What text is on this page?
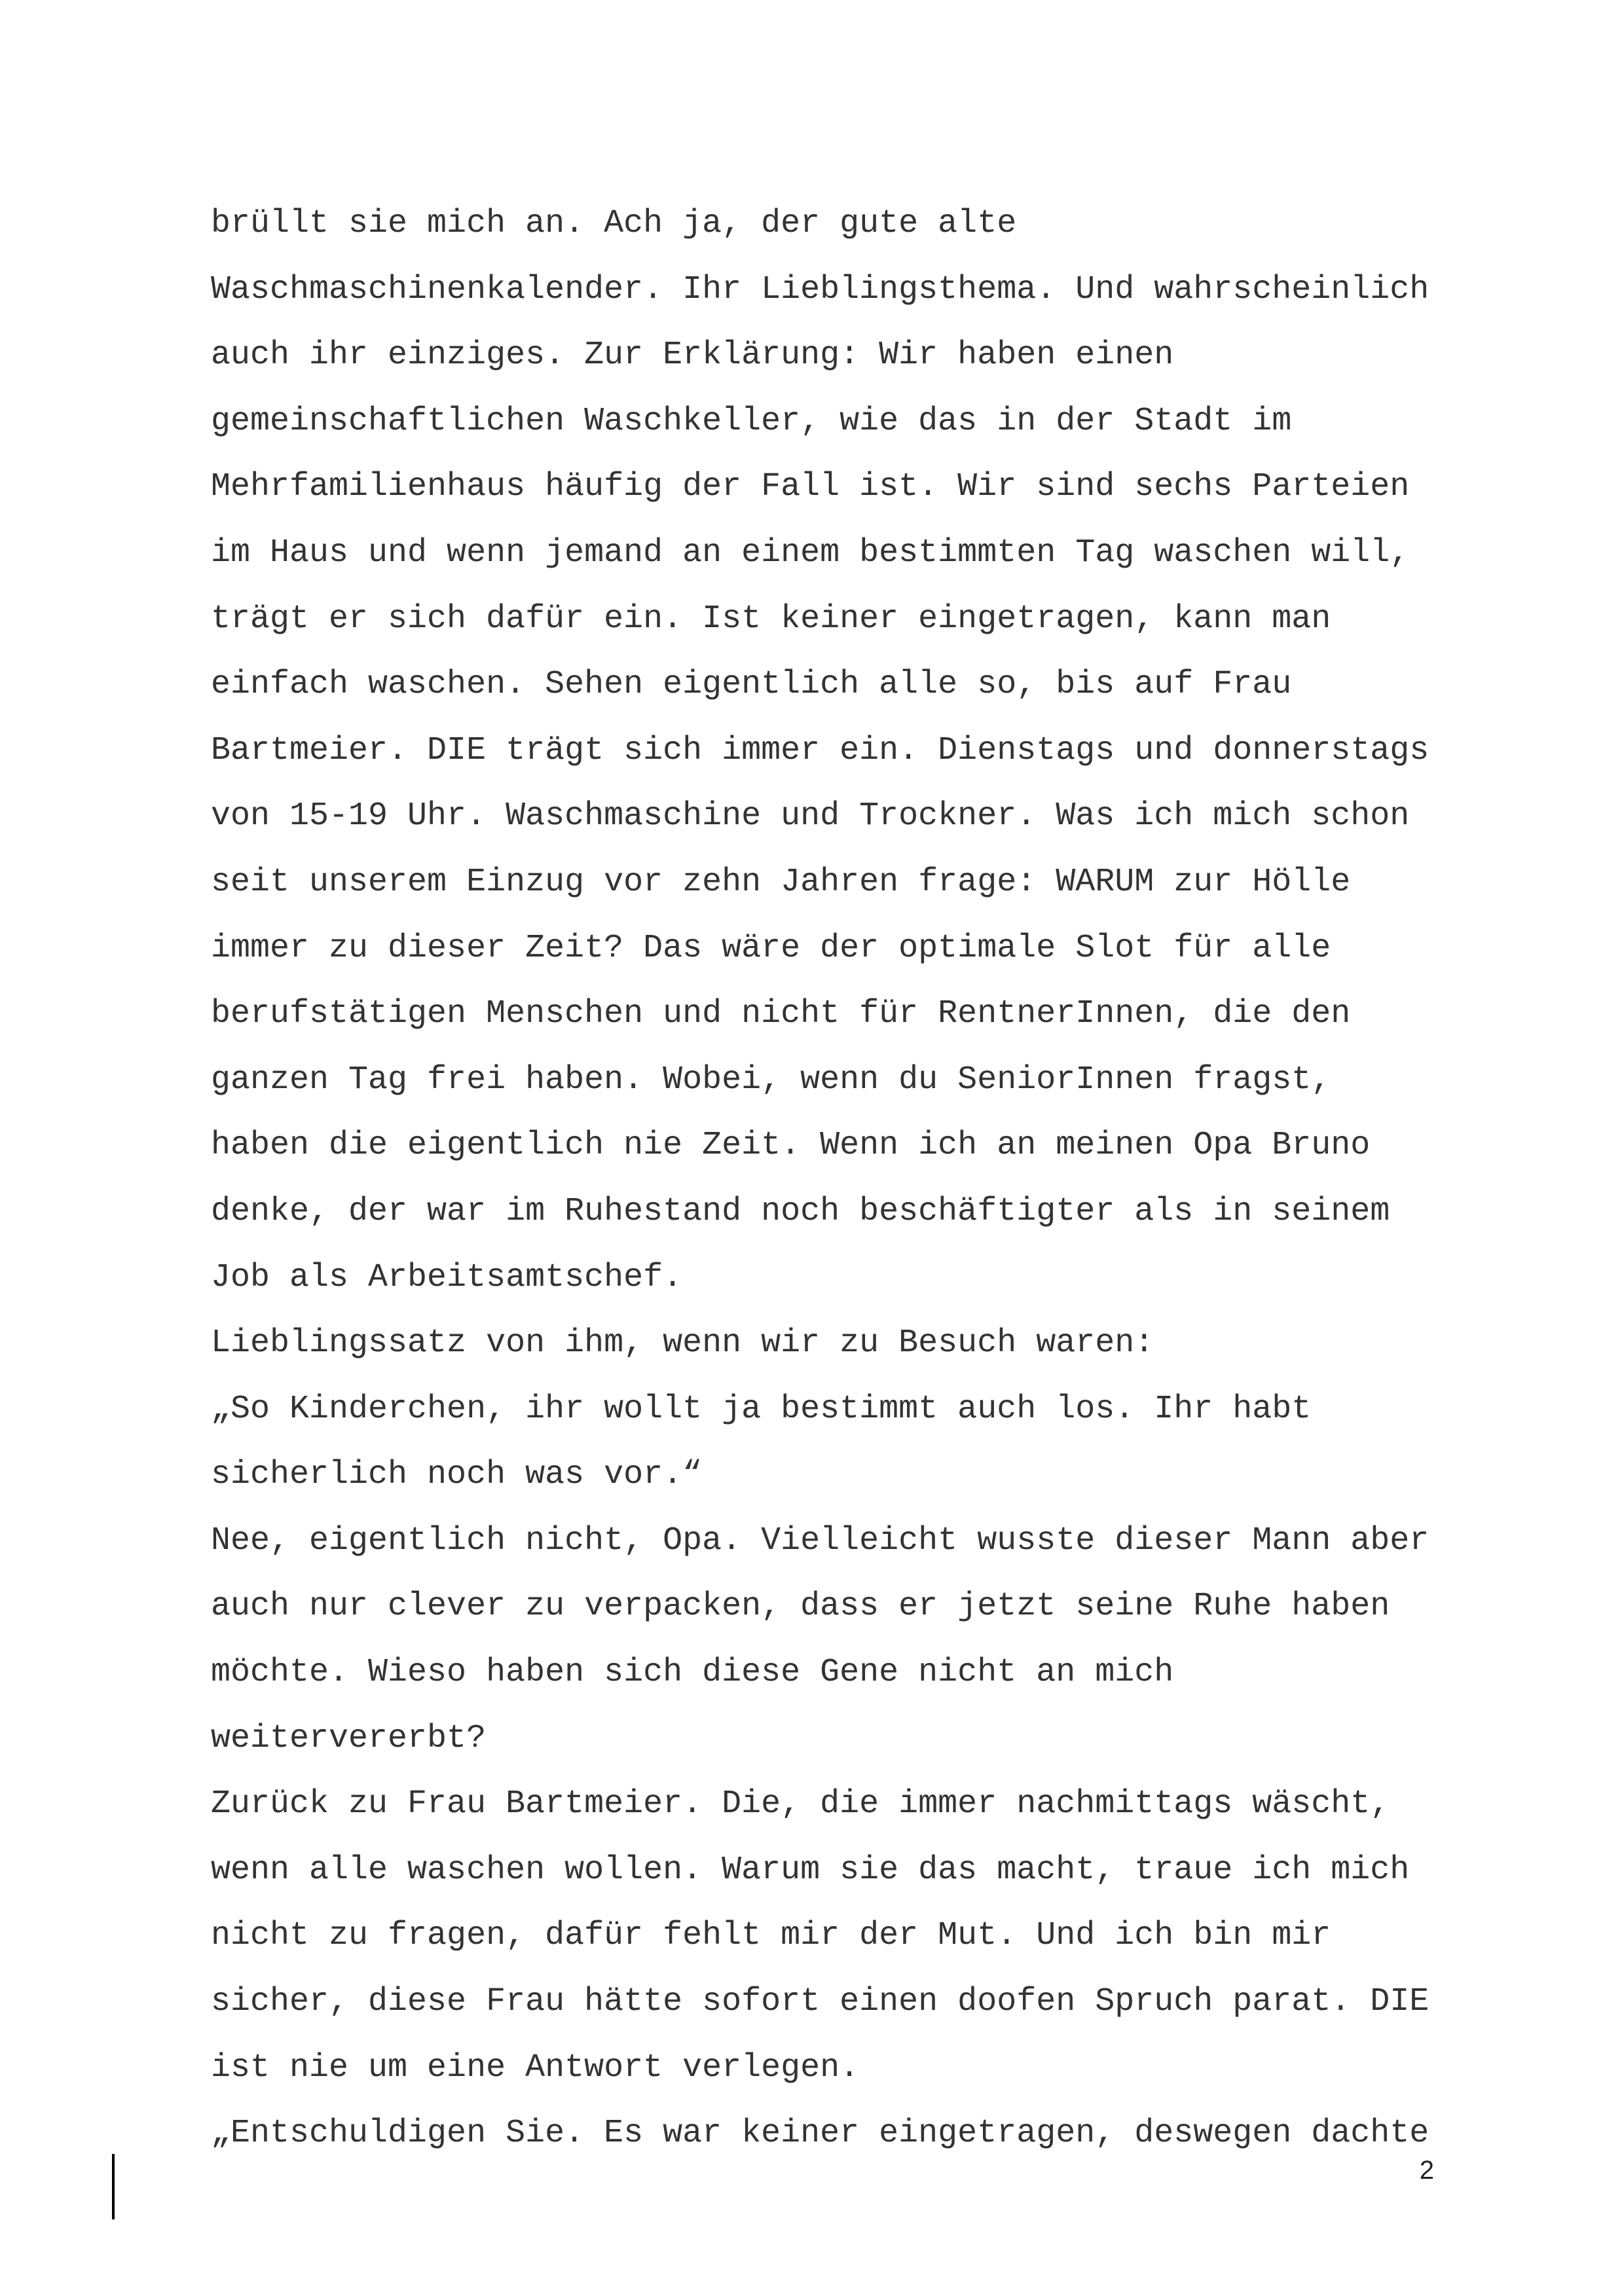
brüllt sie mich an. Ach ja, der gute alte
Waschmaschinenkalender. Ihr Lieblingsthema. Und wahrscheinlich
auch ihr einziges. Zur Erklärung: Wir haben einen
gemeinschaftlichen Waschkeller, wie das in der Stadt im
Mehrfamilienhaus häufig der Fall ist. Wir sind sechs Parteien
im Haus und wenn jemand an einem bestimmten Tag waschen will,
trägt er sich dafür ein. Ist keiner eingetragen, kann man
einfach waschen. Sehen eigentlich alle so, bis auf Frau
Bartmeier. DIE trägt sich immer ein. Dienstags und donnerstags
von 15-19 Uhr. Waschmaschine und Trockner. Was ich mich schon
seit unserem Einzug vor zehn Jahren frage: WARUM zur Hölle
immer zu dieser Zeit? Das wäre der optimale Slot für alle
berufstätigen Menschen und nicht für RentnerInnen, die den
ganzen Tag frei haben. Wobei, wenn du SeniorInnen fragst,
haben die eigentlich nie Zeit. Wenn ich an meinen Opa Bruno
denke, der war im Ruhestand noch beschäftigter als in seinem
Job als Arbeitsamtschef.
Lieblingssatz von ihm, wenn wir zu Besuch waren:
„So Kinderchen, ihr wollt ja bestimmt auch los. Ihr habt
sicherlich noch was vor.“
Nee, eigentlich nicht, Opa. Vielleicht wusste dieser Mann aber
auch nur clever zu verpacken, dass er jetzt seine Ruhe haben
möchte. Wieso haben sich diese Gene nicht an mich
weitervererbt?
Zurück zu Frau Bartmeier. Die, die immer nachmittags wäscht,
wenn alle waschen wollen. Warum sie das macht, traue ich mich
nicht zu fragen, dafür fehlt mir der Mut. Und ich bin mir
sicher, diese Frau hätte sofort einen doofen Spruch parat. DIE
ist nie um eine Antwort verlegen.
„Entschuldigen Sie. Es war keiner eingetragen, deswegen dachte
2
